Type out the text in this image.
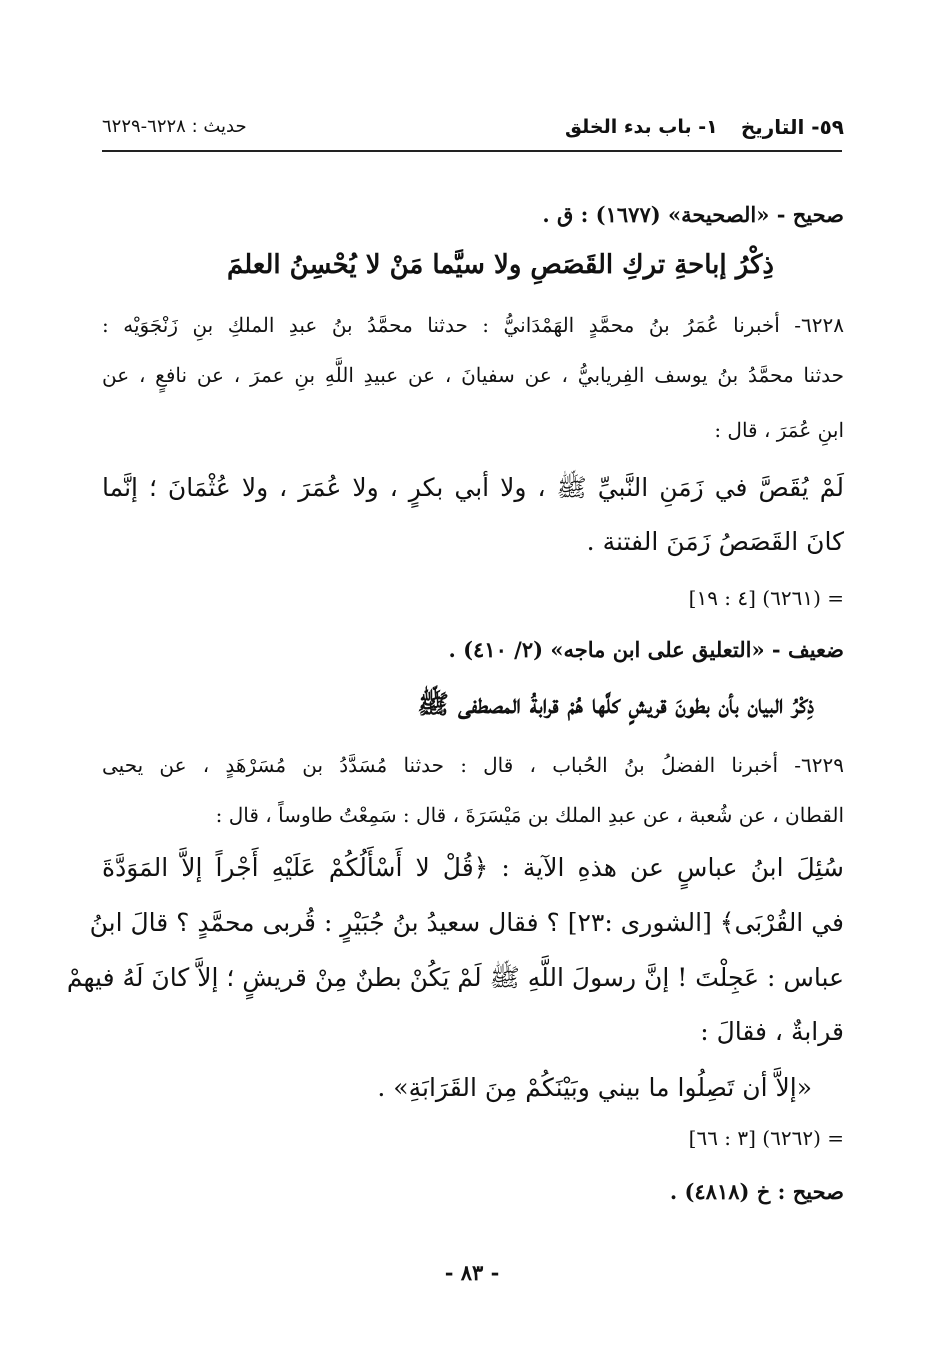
٥٩- التاريخ
١- باب بدء الخلق
حديث : ٦٢٢٨-٦٢٢٩
صحيح - «الصحيحة» (١٦٧٧) : ق .
ذِكْرُ إباحةِ تركِ القَصَصِ ولا سيَّما مَنْ لا يُحْسِنُ العلمَ
٦٢٢٨- أخبرنا عُمَرُ بنُ محمَّدٍ الهَمْدَانيُّ : حدثنا محمَّدُ بنُ عبدِ الملكِ بنِ زَنْجَوَيْه :
حدثنا محمَّدُ بنُ يوسف الفِريابيُّ ، عن سفيانَ ، عن عبيدِ اللَّهِ بنِ عمرَ ، عن نافعٍ ، عن
ابنِ عُمَرَ ، قال :
لَمْ يُقَصَّ في زَمَنِ النَّبيِّ ﷺ ، ولا أبي بكرٍ ، ولا عُمَرَ ، ولا عُثْمَانَ ؛ إنَّما
كانَ القَصَصُ زَمَنَ الفتنة .
= (٦٢٦١) [٤ : ١٩]
ضعيف - «التعليق على ابن ماجه» (٢/ ٤١٠) .
ذِكْرُ البيان بأن بطونَ قريشٍ كلَّها هُمْ قرابةُ المصطفى ﷺ
٦٢٢٩- أخبرنا الفضلُ بنُ الحُباب ، قال : حدثنا مُسَدَّدُ بن مُسَرْهَدٍ ، عن يحيى
القطان ، عن شُعبة ، عن عبدِ الملك بن مَيْسَرَةَ ، قال : سَمِعْتُ طاوساً ، قال :
سُئِلَ ابنُ عباسٍ عن هذهِ الآية : ﴿قُلْ لا أَسْأَلُكُمْ عَلَيْهِ أَجْراً إلاَّ المَوَدَّةَ
في القُرْبَى﴾ [الشورى :٢٣] ؟ فقال سعيدُ بنُ جُبَيْرٍ : قُربى محمَّدٍ ؟ قالَ ابنُ
عباس : عَجِلْتَ ! إنَّ رسولَ اللَّهِ ﷺ لَمْ يَكُنْ بطنٌ مِنْ قريشٍ ؛ إلاَّ كانَ لَهُ فيهمْ
قرابةٌ ، فقالَ :
«إلاَّ أن تَصِلُوا ما بيني وبَيْنَكُمْ مِنَ القَرَابَةِ» .
= (٦٢٦٢) [٣ : ٦٦]
صحيح : خ (٤٨١٨) .
- ٨٣ -
